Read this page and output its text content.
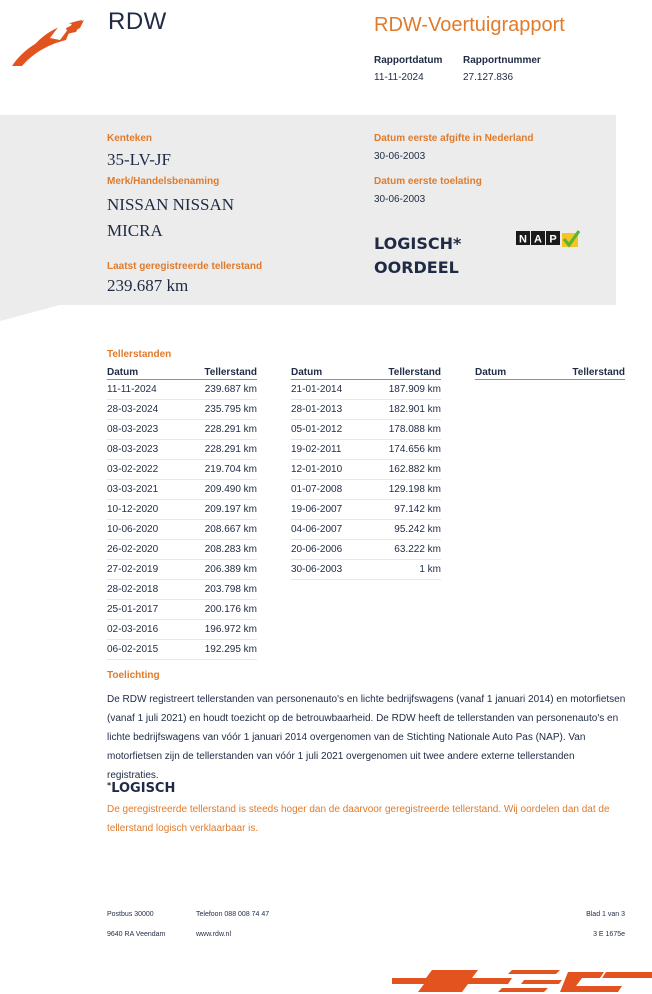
RDW	RDW-Voertuigrapport
Rapportdatum
11-11-2024
Rapportnummer
27.127.836
Kenteken
35-LV-JF
Merk/Handelsbenaming
NISSAN NISSAN
MICRA
Laatst geregistreerde tellerstand
239.687 km
Datum eerste afgifte in Nederland
30-06-2003
Datum eerste toelating
30-06-2003
LOGISCH*
OORDEEL
N A P
Tellerstanden
Datum	Tellerstand
11-11-2024	239.687 km
28-03-2024	235.795 km
08-03-2023	228.291 km
08-03-2023	228.291 km
03-02-2022	219.704 km
03-03-2021	209.490 km
10-12-2020	209.197 km
10-06-2020	208.667 km
26-02-2020	208.283 km
27-02-2019	206.389 km
28-02-2018	203.798 km
25-01-2017	200.176 km
02-03-2016	196.972 km
06-02-2015	192.295 km
Datum	Tellerstand
21-01-2014	187.909 km
28-01-2013	182.901 km
05-01-2012	178.088 km
19-02-2011	174.656 km
12-01-2010	162.882 km
01-07-2008	129.198 km
19-06-2007	97.142 km
04-06-2007	95.242 km
20-06-2006	63.222 km
30-06-2003	1 km
Datum	Tellerstand
Toelichting
De RDW registreert tellerstanden van personenauto's en lichte bedrijfswagens (vanaf 1 januari 2014) en motorfietsen (vanaf 1 juli 2021) en houdt toezicht op de betrouwbaarheid. De RDW heeft de tellerstanden van personenauto's en lichte bedrijfswagens van vóór 1 januari 2014 overgenomen van de Stichting Nationale Auto Pas (NAP). Van motorfietsen zijn de tellerstanden van vóór 1 juli 2021 overgenomen uit twee andere externe tellerstanden registraties.
*LOGISCH
De geregistreerde tellerstand is steeds hoger dan de daarvoor geregistreerde tellerstand. Wij oordelen dan dat de tellerstand logisch verklaarbaar is.
Postbus 30000
9640 RA Veendam
Telefoon 088 008 74 47
www.rdw.nl
Blad 1 van 3
3 E 1675e
